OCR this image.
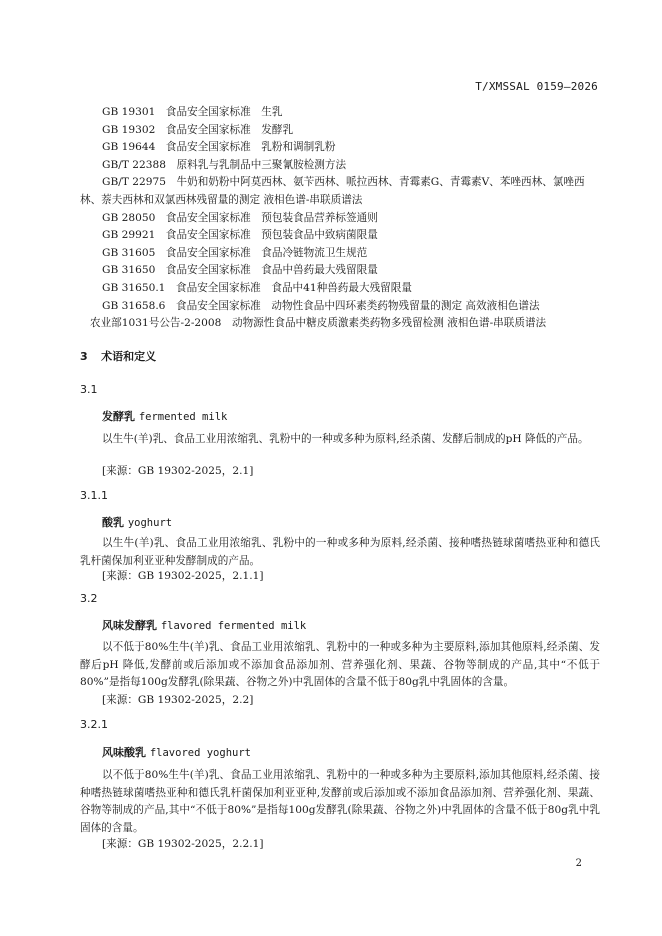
T/XMSSAL 0159—2026
GB 19301　食品安全国家标准　生乳
GB 19302　食品安全国家标准　发酵乳
GB 19644　食品安全国家标准　乳粉和调制乳粉
GB/T 22388　原料乳与乳制品中三聚氰胺检测方法
GB/T 22975　牛奶和奶粉中阿莫西林、氨苄西林、哌拉西林、青霉素G、青霉素V、苯唑西林、氯唑西林、萘夫西林和双氯西林残留量的测定 液相色谱-串联质谱法
GB 28050　食品安全国家标准　预包装食品营养标签通则
GB 29921　食品安全国家标准　预包装食品中致病菌限量
GB 31605　食品安全国家标准　食品冷链物流卫生规范
GB 31650　食品安全国家标准　食品中兽药最大残留限量
GB 31650.1　食品安全国家标准　食品中41种兽药最大残留限量
GB 31658.6　食品安全国家标准　动物性食品中四环素类药物残留量的测定 高效液相色谱法
农业部1031号公告-2-2008　动物源性食品中糖皮质激素类药物多残留检测 液相色谱-串联质谱法
3 术语和定义
3.1
发酵乳 fermented milk
以生牛(羊)乳、食品工业用浓缩乳、乳粉中的一种或多种为原料,经杀菌、发酵后制成的pH 降低的产品。
[来源：GB 19302-2025，2.1]
3.1.1
酸乳 yoghurt
以生牛(羊)乳、食品工业用浓缩乳、乳粉中的一种或多种为原料,经杀菌、接种嗜热链球菌嗜热亚种和德氏乳杆菌保加利亚亚种发酵制成的产品。
[来源：GB 19302-2025，2.1.1]
3.2
风味发酵乳 flavored fermented milk
以不低于80%生牛(羊)乳、食品工业用浓缩乳、乳粉中的一种或多种为主要原料,添加其他原料,经杀菌、发酵后pH 降低,发酵前或后添加或不添加食品添加剂、营养强化剂、果蔬、谷物等制成的产品,其中“不低于80%”是指每100g发酵乳(除果蔬、谷物之外)中乳固体的含量不低于80g乳中乳固体的含量。
[来源：GB 19302-2025，2.2]
3.2.1
风味酸乳 flavored yoghurt
以不低于80%生牛(羊)乳、食品工业用浓缩乳、乳粉中的一种或多种为主要原料,添加其他原料,经杀菌、接种嗜热链球菌嗜热亚种和德氏乳杆菌保加利亚亚种,发酵前或后添加或不添加食品添加剂、营养强化剂、果蔬、谷物等制成的产品,其中“不低于80%”是指每100g发酵乳(除果蔬、谷物之外)中乳固体的含量不低于80g乳中乳固体的含量。
[来源：GB 19302-2025，2.2.1]
2
